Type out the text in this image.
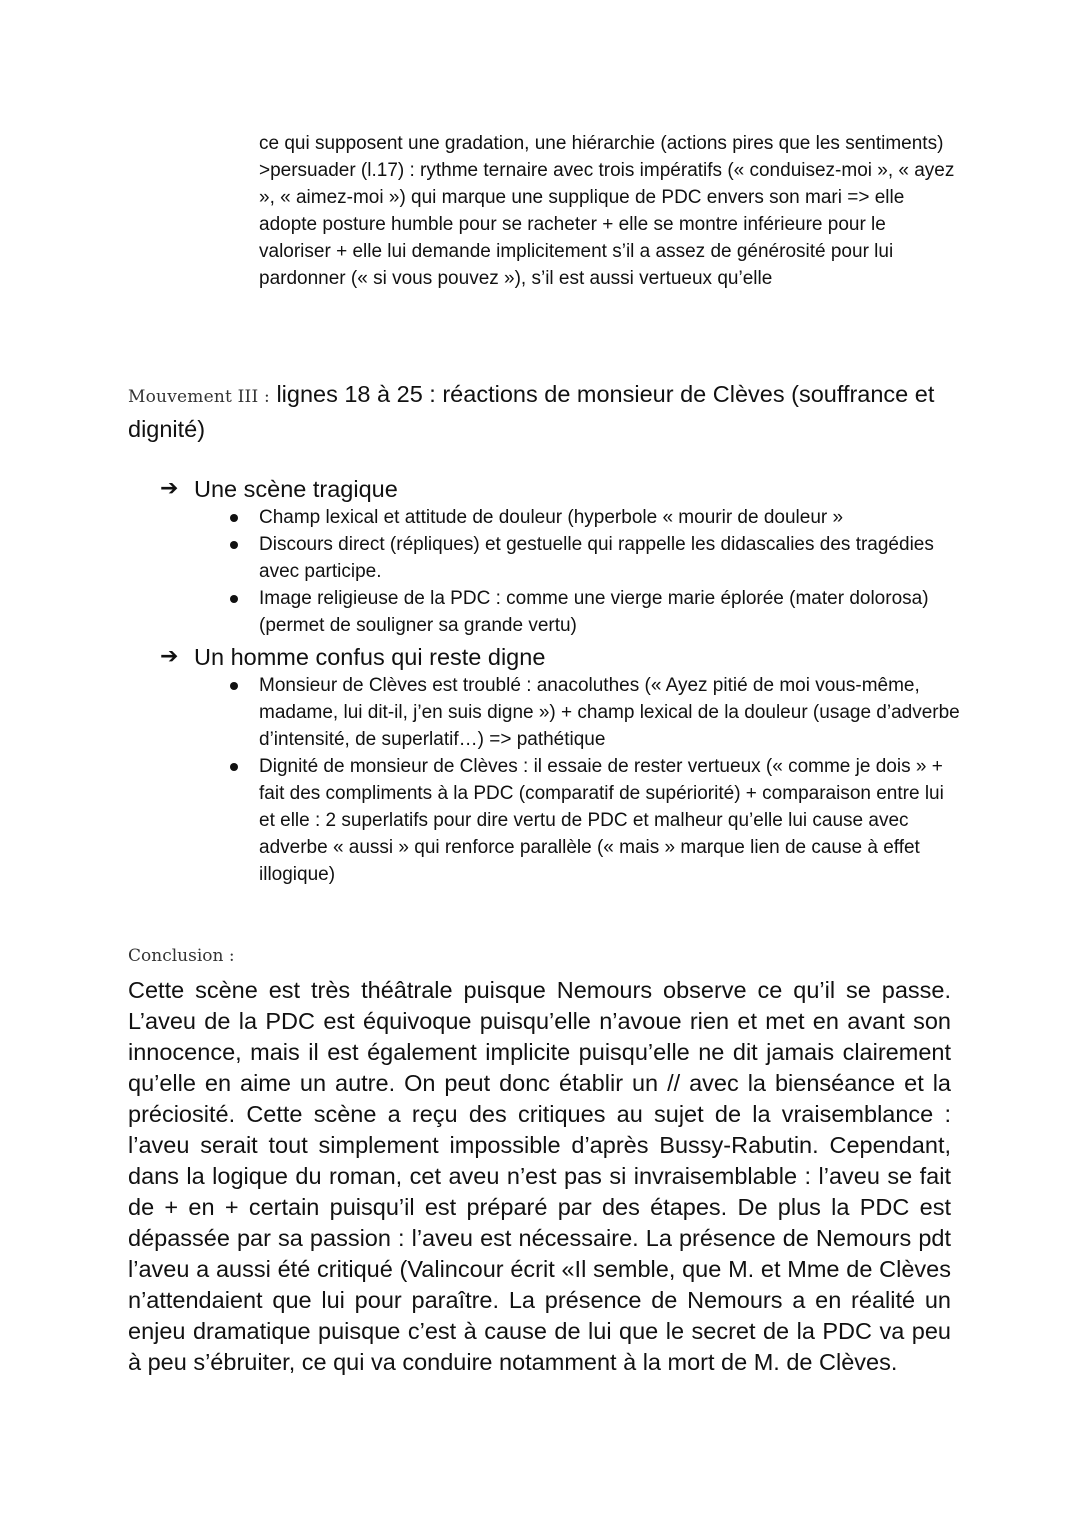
ce qui supposent une gradation, une hiérarchie (actions pires que les sentiments)

>persuader (l.17) : rythme ternaire avec trois impératifs (« conduisez-moi », « ayez », « aimez-moi ») qui marque une supplique de PDC envers son mari => elle adopte posture humble pour se racheter + elle se montre inférieure pour le valoriser + elle lui demande implicitement s’il a assez de générosité pour lui pardonner (« si vous pouvez »), s’il est aussi vertueux qu’elle

Mouvement III : lignes 18 à 25 : réactions de monsieur de Clèves (souffrance et dignité)
➔ Une scène tragique
Champ lexical et attitude de douleur (hyperbole « mourir de douleur »
Discours direct (répliques) et gestuelle qui rappelle les didascalies des tragédies avec participe.
Image religieuse de la PDC : comme une vierge marie éplorée (mater dolorosa) (permet de souligner sa grande vertu)
➔ Un homme confus qui reste digne
Monsieur de Clèves est troublé : anacoluthes (« Ayez pitié de moi vous-même, madame, lui dit-il, j’en suis digne ») + champ lexical de la douleur (usage d’adverbe d’intensité, de superlatif…) => pathétique
Dignité de monsieur de Clèves : il essaie de rester vertueux (« comme je dois » + fait des compliments à la PDC (comparatif de supériorité) + comparaison entre lui et elle : 2 superlatifs pour dire vertu de PDC et malheur qu’elle lui cause avec adverbe « aussi » qui renforce parallèle (« mais » marque lien de cause à effet illogique)
Conclusion :

Cette scène est très théâtrale puisque Nemours observe ce qu’il se passe. L’aveu de la PDC est équivoque puisqu’elle n’avoue rien et met en avant son innocence, mais il est également implicite puisqu’elle ne dit jamais clairement qu’elle en aime un autre. On peut donc établir un // avec la bienséance et la préciosité. Cette scène a reçu des critiques au sujet de la vraisemblance : l’aveu serait tout simplement impossible d’après Bussy-Rabutin. Cependant, dans la logique du roman, cet aveu n’est pas si invraisemblable : l’aveu se fait de + en + certain puisqu’il est préparé par des étapes. De plus la PDC est dépassée par sa passion : l’aveu est nécessaire. La présence de Nemours pdt l’aveu a aussi été critiqué (Valincour écrit «Il semble, que M. et Mme de Clèves n’attendaient que lui pour paraître. La présence de Nemours a en réalité un enjeu dramatique puisque c’est à cause de lui que le secret de la PDC va peu à peu s’ébruiter, ce qui va conduire notamment à la mort de M. de Clèves.
